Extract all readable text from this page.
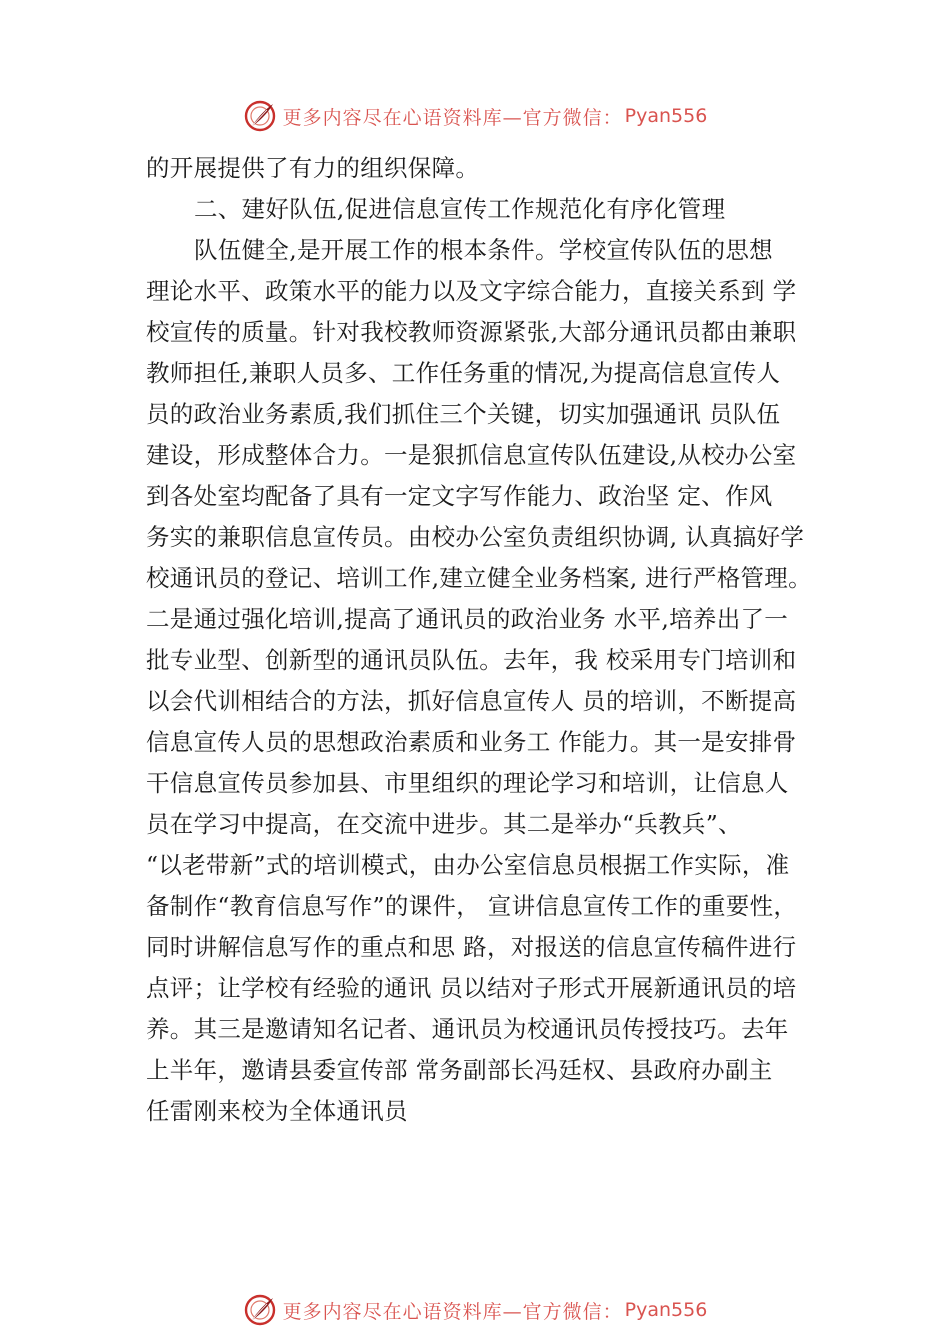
更多内容尽在心语资料库—官方微信： Pyan556
的开展提供了有力的组织保障。
二、建好队伍,促进信息宣传工作规范化有序化管理
队伍健全,是开展工作的根本条件。学校宣传队伍的思想
理论水平、政策水平的能力以及文字综合能力，直接关系到 学
校宣传的质量。针对我校教师资源紧张,大部分通讯员都由兼职
教师担任,兼职人员多、工作任务重的情况,为提高信息宣传人
员的政治业务素质,我们抓住三个关键，切实加强通讯 员队伍
建设，形成整体合力。一是狠抓信息宣传队伍建设,从校办公室
到各处室均配备了具有一定文字写作能力、政治坚 定、作风
务实的兼职信息宣传员。由校办公室负责组织协调, 认真搞好学
校通讯员的登记、培训工作,建立健全业务档案, 进行严格管理。
二是通过强化培训,提高了通讯员的政治业务 水平,培养出了一
批专业型、创新型的通讯员队伍。去年，我 校采用专门培训和
以会代训相结合的方法，抓好信息宣传人 员的培训，不断提高
信息宣传人员的思想政治素质和业务工 作能力。其一是安排骨
干信息宣传员参加县、市里组织的理论学习和培训，让信息人
员在学习中提高，在交流中进步。其二是举办“兵教兵”、
“以老带新”式的培训模式，由办公室信息员根据工作实际，准
备制作“教育信息写作”的课件， 宣讲信息宣传工作的重要性，
同时讲解信息写作的重点和思 路，对报送的信息宣传稿件进行
点评；让学校有经验的通讯 员以结对子形式开展新通讯员的培
养。其三是邀请知名记者、通讯员为校通讯员传授技巧。去年
上半年，邀请县委宣传部 常务副部长冯廷权、县政府办副主
任雷刚来校为全体通讯员
更多内容尽在心语资料库—官方微信： Pyan556
